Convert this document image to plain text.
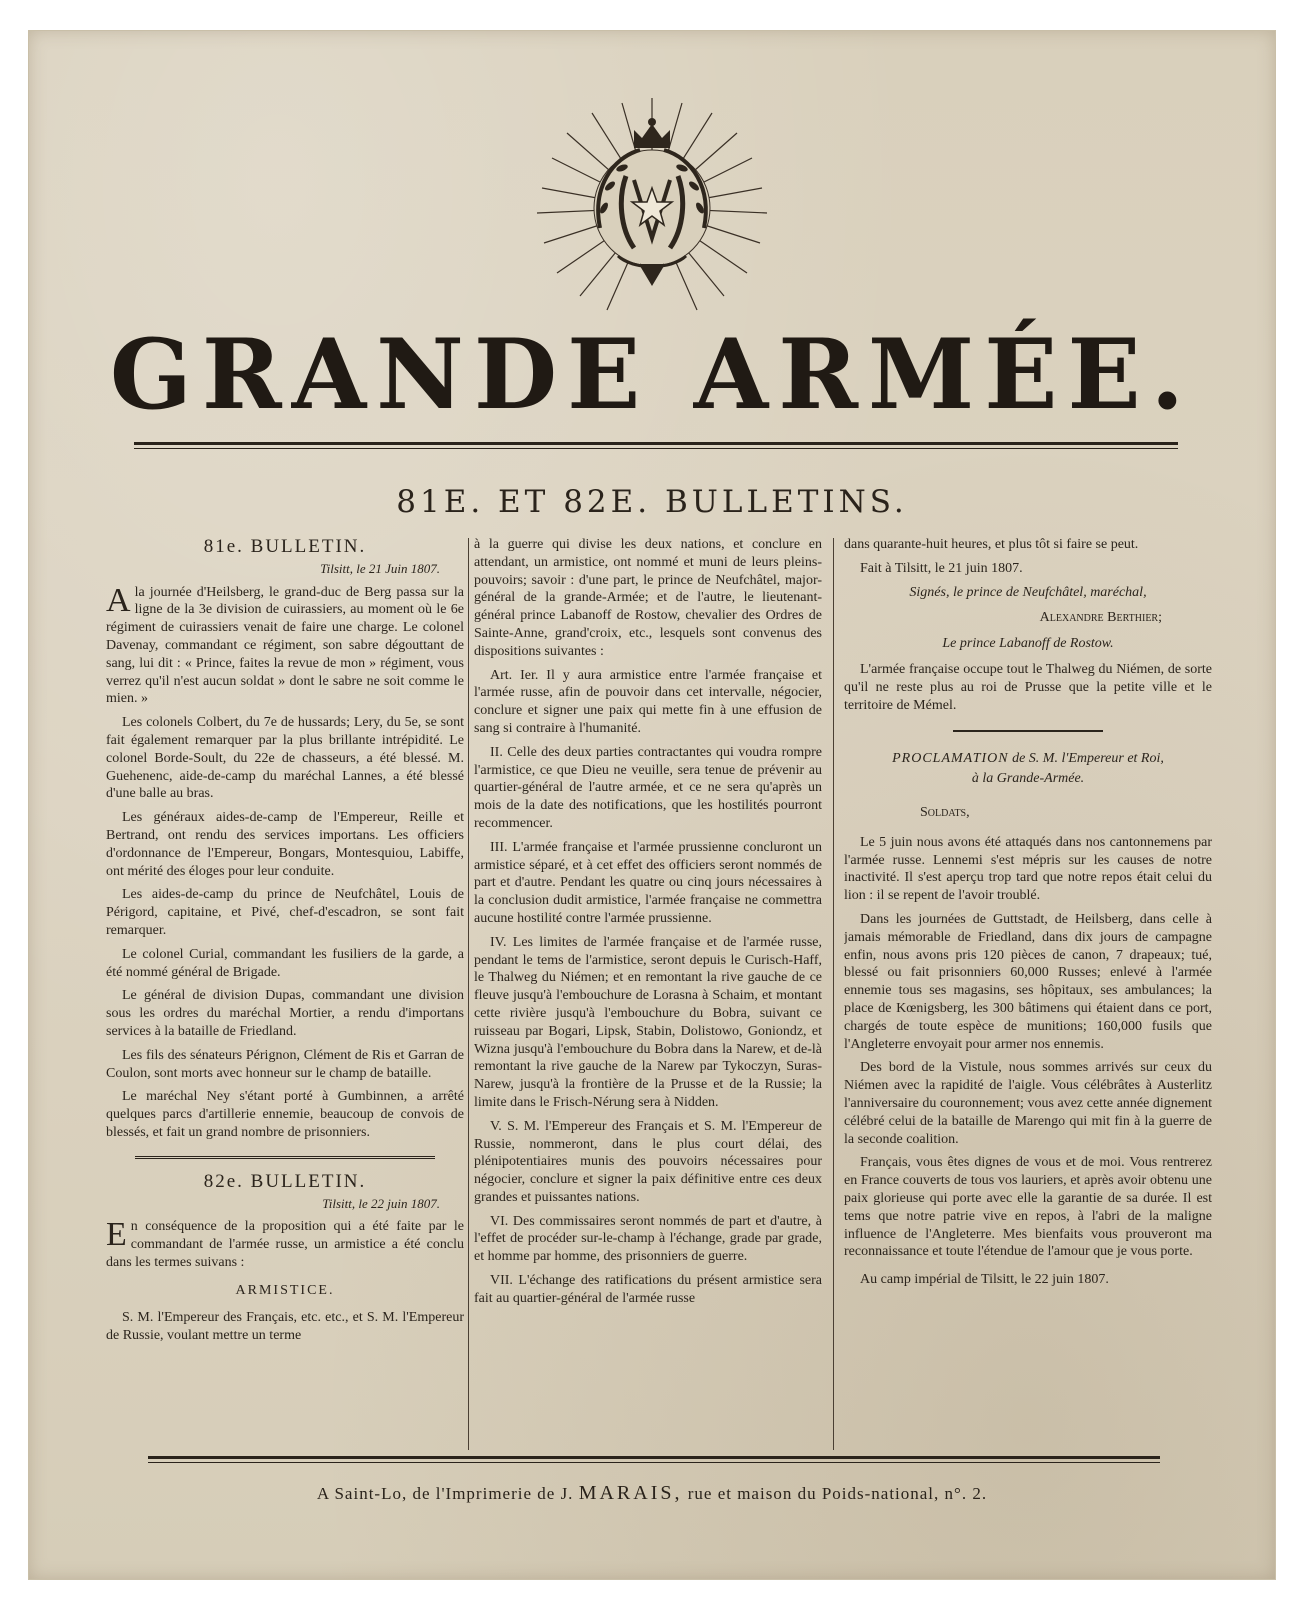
GRANDE ARMÉE.
81E. ET 82E. BULLETINS.
81e. BULLETIN.
Tilsitt, le 21 Juin 1807.

Ala journée d'Heilsberg, le grand-duc de Berg passa sur la ligne de la 3e division de cuirassiers, au moment où le 6e régiment de cuirassiers venait de faire une charge. Le colonel Davenay, commandant ce régiment, son sabre dégouttant de sang, lui dit : « Prince, faites la revue de mon » régiment, vous verrez qu'il n'est aucun soldat » dont le sabre ne soit comme le mien. »

Les colonels Colbert, du 7e de hussards; Lery, du 5e, se sont fait également remarquer par la plus brillante intrépidité. Le colonel Borde-Soult, du 22e de chasseurs, a été blessé. M. Guehenenc, aide-de-camp du maréchal Lannes, a été blessé d'une balle au bras.

Les généraux aides-de-camp de l'Empereur, Reille et Bertrand, ont rendu des services importans. Les officiers d'ordonnance de l'Empereur, Bongars, Montesquiou, Labiffe, ont mérité des éloges pour leur conduite.

Les aides-de-camp du prince de Neufchâtel, Louis de Périgord, capitaine, et Pivé, chef-d'escadron, se sont fait remarquer.

Le colonel Curial, commandant les fusiliers de la garde, a été nommé général de Brigade.

Le général de division Dupas, commandant une division sous les ordres du maréchal Mortier, a rendu d'importans services à la bataille de Friedland.

Les fils des sénateurs Pérignon, Clément de Ris et Garran de Coulon, sont morts avec honneur sur le champ de bataille.

Le maréchal Ney s'étant porté à Gumbinnen, a arrêté quelques parcs d'artillerie ennemie, beaucoup de convois de blessés, et fait un grand nombre de prisonniers.

82e. BULLETIN.
Tilsitt, le 22 juin 1807.

En conséquence de la proposition qui a été faite par le commandant de l'armée russe, un armistice a été conclu dans les termes suivans :

ARMISTICE.

S. M. l'Empereur des Français, etc. etc., et S. M. l'Empereur de Russie, voulant mettre un terme

à la guerre qui divise les deux nations, et conclure en attendant, un armistice, ont nommé et muni de leurs pleins-pouvoirs; savoir : d'une part, le prince de Neufchâtel, major-général de la grande-Armée; et de l'autre, le lieutenant-général prince Labanoff de Rostow, chevalier des Ordres de Sainte-Anne, grand'croix, etc., lesquels sont convenus des dispositions suivantes :

Art. Ier. Il y aura armistice entre l'armée française et l'armée russe, afin de pouvoir dans cet intervalle, négocier, conclure et signer une paix qui mette fin à une effusion de sang si contraire à l'humanité.

II. Celle des deux parties contractantes qui voudra rompre l'armistice, ce que Dieu ne veuille, sera tenue de prévenir au quartier-général de l'autre armée, et ce ne sera qu'après un mois de la date des notifications, que les hostilités pourront recommencer.

III. L'armée française et l'armée prussienne concluront un armistice séparé, et à cet effet des officiers seront nommés de part et d'autre. Pendant les quatre ou cinq jours nécessaires à la conclusion dudit armistice, l'armée française ne commettra aucune hostilité contre l'armée prussienne.

IV. Les limites de l'armée française et de l'armée russe, pendant le tems de l'armistice, seront depuis le Curisch-Haff, le Thalweg du Niémen; et en remontant la rive gauche de ce fleuve jusqu'à l'embouchure de Lorasna à Schaim, et montant cette rivière jusqu'à l'embouchure du Bobra, suivant ce ruisseau par Bogari, Lipsk, Stabin, Dolistowo, Goniondz, et Wizna jusqu'à l'embouchure du Bobra dans la Narew, et de-là remontant la rive gauche de la Narew par Tykoczyn, Suras-Narew, jusqu'à la frontière de la Prusse et de la Russie; la limite dans le Frisch-Nérung sera à Nidden.

V. S. M. l'Empereur des Français et S. M. l'Empereur de Russie, nommeront, dans le plus court délai, des plénipotentiaires munis des pouvoirs nécessaires pour négocier, conclure et signer la paix définitive entre ces deux grandes et puissantes nations.

VI. Des commissaires seront nommés de part et d'autre, à l'effet de procéder sur-le-champ à l'échange, grade par grade, et homme par homme, des prisonniers de guerre.

VII. L'échange des ratifications du présent armistice sera fait au quartier-général de l'armée russe

dans quarante-huit heures, et plus tôt si faire se peut.

Fait à Tilsitt, le 21 juin 1807.

Signés, le prince de Neufchâtel, maréchal,

Alexandre Berthier;

Le prince Labanoff de Rostow.

L'armée française occupe tout le Thalweg du Niémen, de sorte qu'il ne reste plus au roi de Prusse que la petite ville et le territoire de Mémel.

PROCLAMATION de S. M. l'Empereur et Roi,

à la Grande-Armée.

Soldats,

Le 5 juin nous avons été attaqués dans nos cantonnemens par l'armée russe. Lennemi s'est mépris sur les causes de notre inactivité. Il s'est aperçu trop tard que notre repos était celui du lion : il se repent de l'avoir troublé.

Dans les journées de Guttstadt, de Heilsberg, dans celle à jamais mémorable de Friedland, dans dix jours de campagne enfin, nous avons pris 120 pièces de canon, 7 drapeaux; tué, blessé ou fait prisonniers 60,000 Russes; enlevé à l'armée ennemie tous ses magasins, ses hôpitaux, ses ambulances; la place de Kœnigsberg, les 300 bâtimens qui étaient dans ce port, chargés de toute espèce de munitions; 160,000 fusils que l'Angleterre envoyait pour armer nos ennemis.

Des bord de la Vistule, nous sommes arrivés sur ceux du Niémen avec la rapidité de l'aigle. Vous célébrâtes à Austerlitz l'anniversaire du couronnement; vous avez cette année dignement célébré celui de la bataille de Marengo qui mit fin à la guerre de la seconde coalition.

Français, vous êtes dignes de vous et de moi. Vous rentrerez en France couverts de tous vos lauriers, et après avoir obtenu une paix glorieuse qui porte avec elle la garantie de sa durée. Il est tems que notre patrie vive en repos, à l'abri de la maligne influence de l'Angleterre. Mes bienfaits vous prouveront ma reconnaissance et toute l'étendue de l'amour que je vous porte.

Au camp impérial de Tilsitt, le 22 juin 1807.

A Saint-Lo, de l'Imprimerie de J. MARAIS, rue et maison du Poids-national, n°. 2.
